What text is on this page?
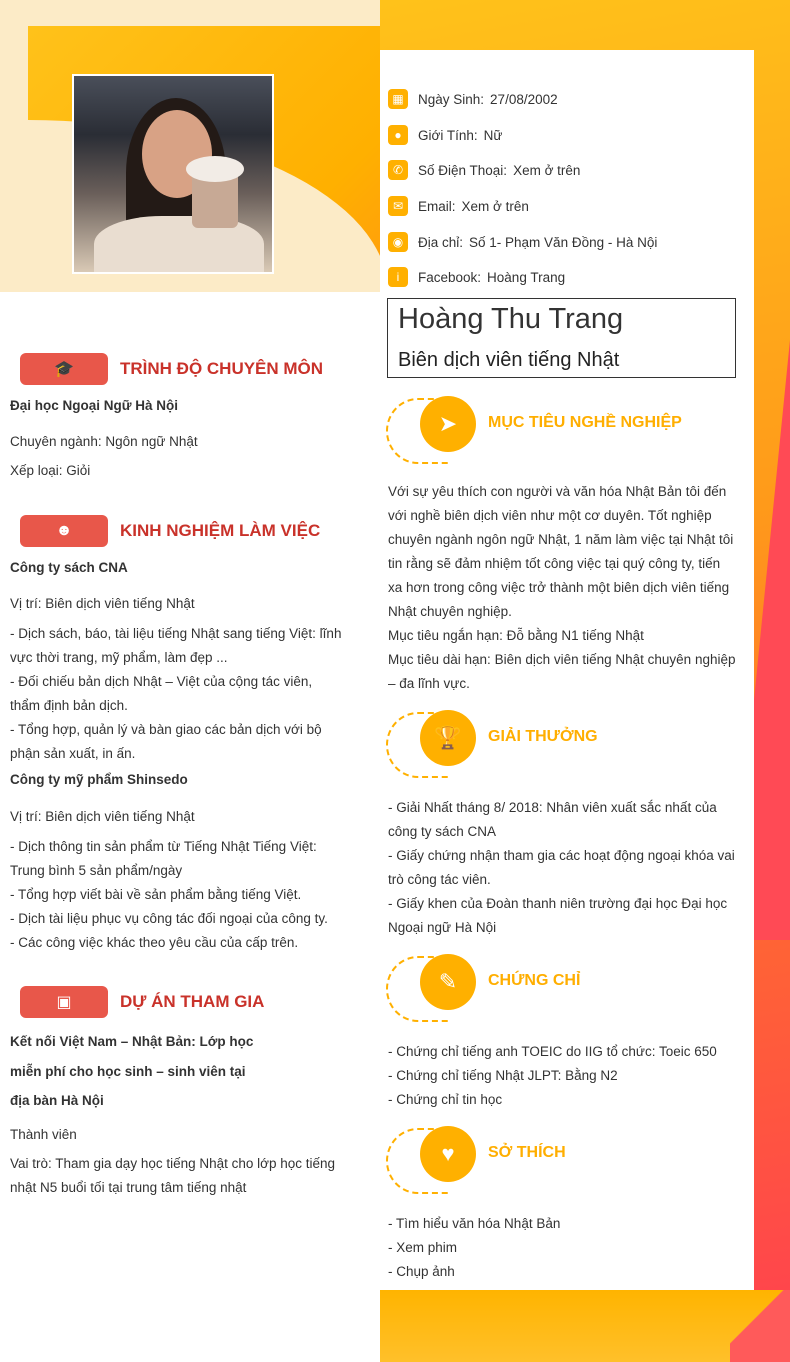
▦	Ngày Sinh: 27/08/2002
●	Giới Tính: Nữ
✆	Số Điện Thoại: Xem ở trên
✉	Email: Xem ở trên
◉	Địa chỉ: Số 1- Phạm Văn Đồng - Hà Nội
i	Facebook: Hoàng Trang
Hoàng Thu Trang
Biên dịch viên tiếng Nhật
🎓	TRÌNH ĐỘ CHUYÊN MÔN
Đại học Ngoại Ngữ Hà Nội
Chuyên ngành: Ngôn ngữ Nhật
Xếp loại: Giỏi
☻	KINH NGHIỆM LÀM VIỆC
Công ty sách CNA
Vị trí: Biên dịch viên tiếng Nhật
- Dịch sách, báo, tài liệu tiếng Nhật sang tiếng Việt: lĩnh
vực thời trang, mỹ phẩm, làm đẹp ...
- Đối chiếu bản dịch Nhật – Việt của cộng tác viên,
thẩm định bản dịch.
- Tổng hợp, quản lý và bàn giao các bản dịch với bộ
phận sản xuất, in ấn.
Công ty mỹ phẩm Shinsedo
Vị trí: Biên dịch viên tiếng Nhật
- Dịch thông tin sản phẩm từ Tiếng Nhật Tiếng Việt:
Trung bình 5 sản phẩm/ngày
- Tổng hợp viết bài về sản phẩm bằng tiếng Việt.
- Dịch tài liệu phục vụ công tác đối ngoại của công ty.
- Các công việc khác theo yêu cầu của cấp trên.
▣	DỰ ÁN THAM GIA
Kết nối Việt Nam – Nhật Bản: Lớp học
miễn phí cho học sinh – sinh viên tại
địa bàn Hà Nội
Thành viên
Vai trò: Tham gia dạy học tiếng Nhật cho lớp học tiếng
nhật N5 buổi tối tại trung tâm tiếng nhật
➤	MỤC TIÊU NGHỀ NGHIỆP
Với sự yêu thích con người và văn hóa Nhật Bản tôi đến
với nghề biên dịch viên như một cơ duyên. Tốt nghiệp
chuyên ngành ngôn ngữ Nhật, 1 năm làm việc tại Nhật tôi
tin rằng sẽ đảm nhiệm tốt công việc tại quý công ty, tiến
xa hơn trong công việc trở thành một biên dịch viên tiếng
Nhật chuyên nghiệp.
Mục tiêu ngắn hạn: Đỗ bằng N1 tiếng Nhật
Mục tiêu dài hạn: Biên dịch viên tiếng Nhật chuyên nghiệp
– đa lĩnh vực.
🏆	GIẢI THƯỞNG
- Giải Nhất tháng 8/ 2018: Nhân viên xuất sắc nhất của
công ty sách CNA
- Giấy chứng nhận tham gia các hoạt động ngoại khóa vai
trò công tác viên.
- Giấy khen của Đoàn thanh niên trường đại học Đại học
Ngoại ngữ Hà Nội
✎	CHỨNG CHỈ
- Chứng chỉ tiếng anh TOEIC do IIG tổ chức: Toeic 650
- Chứng chỉ tiếng Nhật JLPT: Bằng N2
- Chứng chỉ tin học
♥	SỞ THÍCH
- Tìm hiểu văn hóa Nhật Bản
- Xem phim
- Chụp ảnh
